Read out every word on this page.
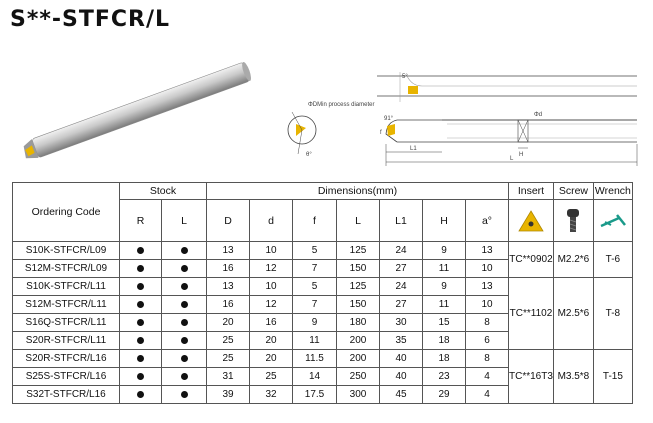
S**-STFCR/L
5°
ΦDMin process diameter
θ°
91°
f
Φd
L1
H
L
Ordering Code	Stock		Dimensions(mm)							Insert	Screw	Wrench
	R	L	D	d	f	L	L1	H	a°	

S10K-STFCR/L09			13	10	5	125	24	9	13	TC**0902	M2.2*6	T-6
S12M-STFCR/L09			16	12	7	150	27	11	10			
S10K-STFCR/L11			13	10	5	125	24	9	13	TC**1102	M2.5*6	T-8
S12M-STFCR/L11			16	12	7	150	27	11	10			
S16Q-STFCR/L11			20	16	9	180	30	15	8			
S20R-STFCR/L11			25	20	11	200	35	18	6			
S20R-STFCR/L16			25	20	11.5	200	40	18	8	TC**16T3	M3.5*8	T-15
S25S-STFCR/L16			31	25	14	250	40	23	4			
S32T-STFCR/L16			39	32	17.5	300	45	29	4			
